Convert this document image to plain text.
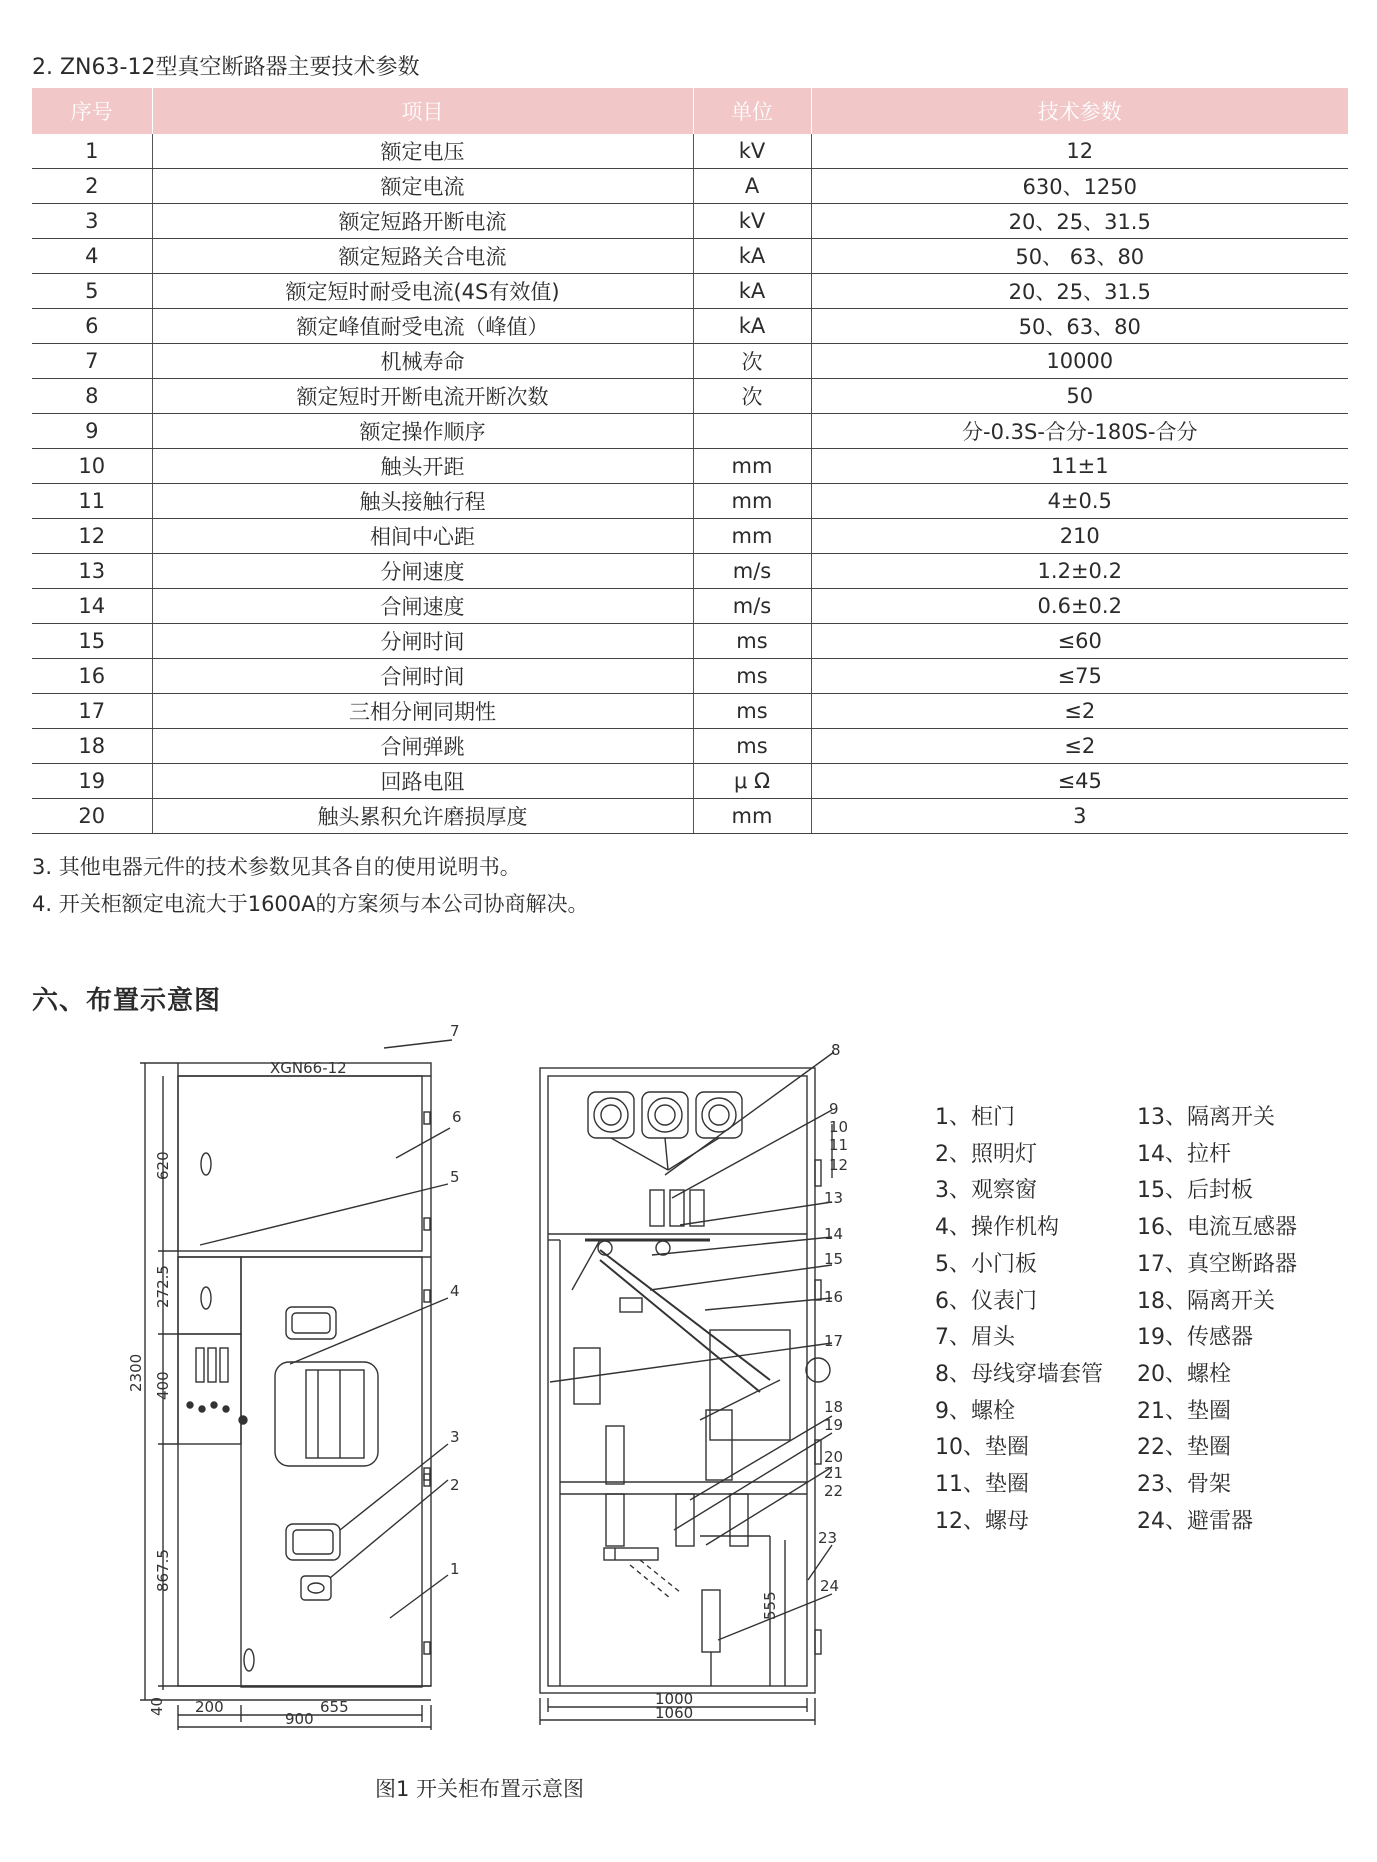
2. ZN63-12型真空断路器主要技术参数
序号	项目	单位	技术参数
1	额定电压	kV	12
2	额定电流	A	630、1250
3	额定短路开断电流	kV	20、25、31.5
4	额定短路关合电流	kA	50、 63、80
5	额定短时耐受电流(4S有效值)	kA	20、25、31.5
6	额定峰值耐受电流（峰值）	kA	50、63、80
7	机械寿命	次	10000
8	额定短时开断电流开断次数	次	50
9	额定操作顺序		分-0.3S-合分-180S-合分
10	触头开距	mm	11±1
11	触头接触行程	mm	4±0.5
12	相间中心距	mm	210
13	分闸速度	m/s	1.2±0.2
14	合闸速度	m/s	0.6±0.2
15	分闸时间	ms	≤60
16	合闸时间	ms	≤75
17	三相分闸同期性	ms	≤2
18	合闸弹跳	ms	≤2
19	回路电阻	μ Ω	≤45
20	触头累积允许磨损厚度	mm	3
3. 其他电器元件的技术参数见其各自的使用说明书。
4. 开关柜额定电流大于1600A的方案须与本公司协商解决。
六、布置示意图
XGN66-12
620
272.5
400
867.5
40
2300
200	655
900
1000
1060
555
7
6
5
4
3
2
1
8
9
10
11
12
13
14
15
16
17
18
19
20
21
22
23
24
1、柜门
2、照明灯
3、观察窗
4、操作机构
5、小门板
6、仪表门
7、眉头
8、母线穿墙套管
9、螺栓
10、垫圈
11、垫圈
12、螺母
13、隔离开关
14、拉杆
15、后封板
16、电流互感器
17、真空断路器
18、隔离开关
19、传感器
20、螺栓
21、垫圈
22、垫圈
23、骨架
24、避雷器
图1 开关柜布置示意图
